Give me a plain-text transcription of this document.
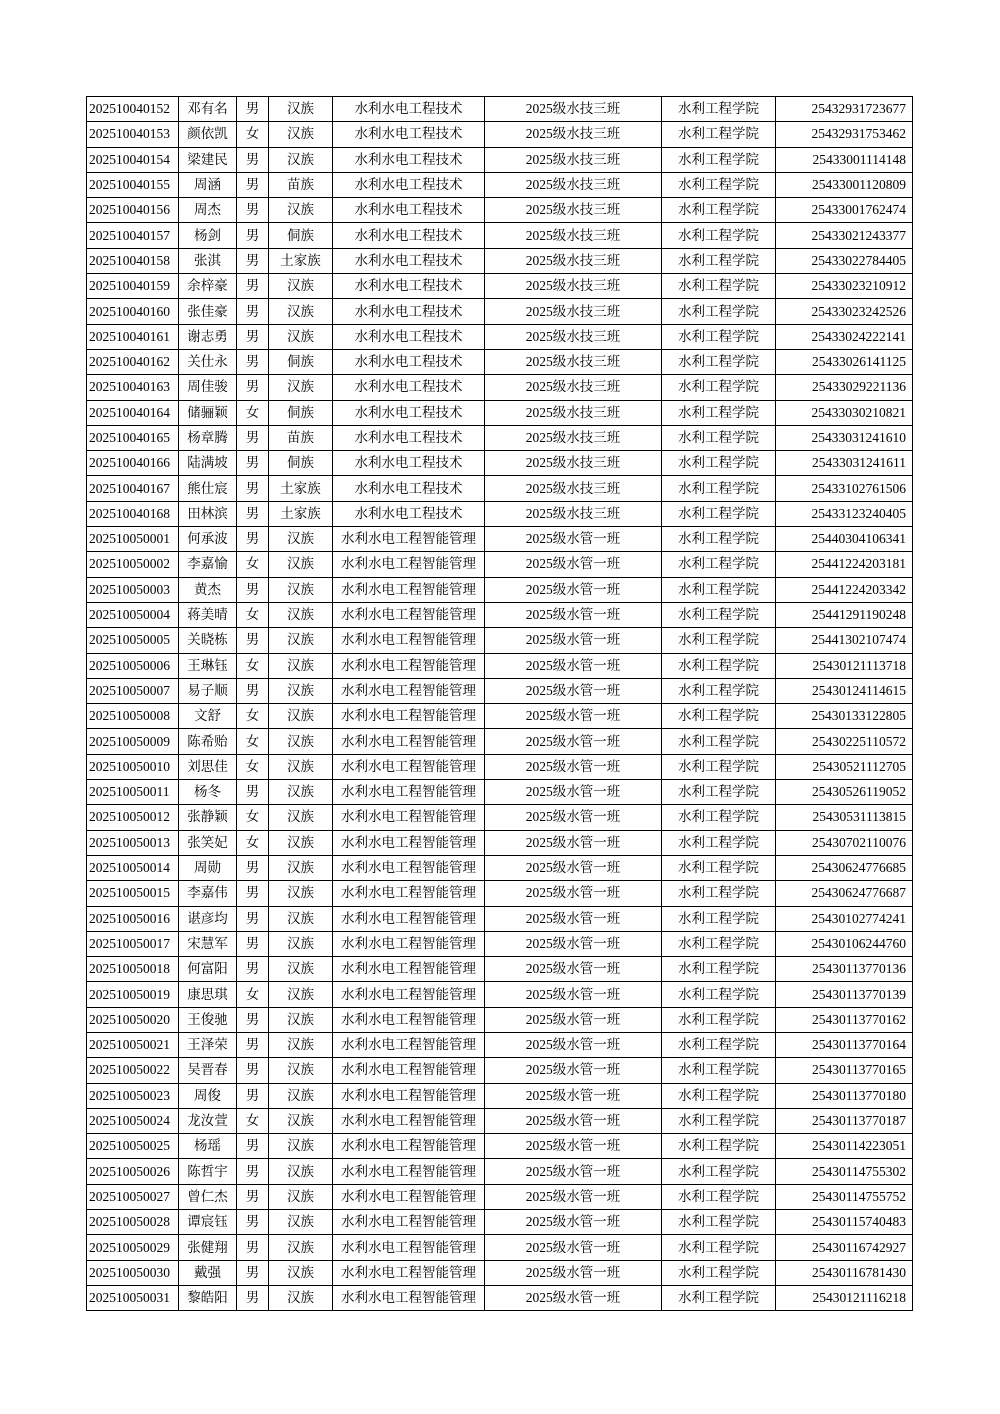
202510040152	邓有名	男	汉族	水利水电工程技术	2025级水技三班	水利工程学院	25432931723677
202510040153	颜依凯	女	汉族	水利水电工程技术	2025级水技三班	水利工程学院	25432931753462
202510040154	梁建民	男	汉族	水利水电工程技术	2025级水技三班	水利工程学院	25433001114148
202510040155	周涵	男	苗族	水利水电工程技术	2025级水技三班	水利工程学院	25433001120809
202510040156	周杰	男	汉族	水利水电工程技术	2025级水技三班	水利工程学院	25433001762474
202510040157	杨剑	男	侗族	水利水电工程技术	2025级水技三班	水利工程学院	25433021243377
202510040158	张淇	男	土家族	水利水电工程技术	2025级水技三班	水利工程学院	25433022784405
202510040159	余梓豪	男	汉族	水利水电工程技术	2025级水技三班	水利工程学院	25433023210912
202510040160	张佳豪	男	汉族	水利水电工程技术	2025级水技三班	水利工程学院	25433023242526
202510040161	谢志勇	男	汉族	水利水电工程技术	2025级水技三班	水利工程学院	25433024222141
202510040162	关仕永	男	侗族	水利水电工程技术	2025级水技三班	水利工程学院	25433026141125
202510040163	周佳骏	男	汉族	水利水电工程技术	2025级水技三班	水利工程学院	25433029221136
202510040164	储骊颖	女	侗族	水利水电工程技术	2025级水技三班	水利工程学院	25433030210821
202510040165	杨章腾	男	苗族	水利水电工程技术	2025级水技三班	水利工程学院	25433031241610
202510040166	陆满坡	男	侗族	水利水电工程技术	2025级水技三班	水利工程学院	25433031241611
202510040167	熊仕宸	男	土家族	水利水电工程技术	2025级水技三班	水利工程学院	25433102761506
202510040168	田林滨	男	土家族	水利水电工程技术	2025级水技三班	水利工程学院	25433123240405
202510050001	何承波	男	汉族	水利水电工程智能管理	2025级水管一班	水利工程学院	25440304106341
202510050002	李嘉愉	女	汉族	水利水电工程智能管理	2025级水管一班	水利工程学院	25441224203181
202510050003	黄杰	男	汉族	水利水电工程智能管理	2025级水管一班	水利工程学院	25441224203342
202510050004	蒋美晴	女	汉族	水利水电工程智能管理	2025级水管一班	水利工程学院	25441291190248
202510050005	关晓栋	男	汉族	水利水电工程智能管理	2025级水管一班	水利工程学院	25441302107474
202510050006	王琳钰	女	汉族	水利水电工程智能管理	2025级水管一班	水利工程学院	25430121113718
202510050007	易子顺	男	汉族	水利水电工程智能管理	2025级水管一班	水利工程学院	25430124114615
202510050008	文舒	女	汉族	水利水电工程智能管理	2025级水管一班	水利工程学院	25430133122805
202510050009	陈希贻	女	汉族	水利水电工程智能管理	2025级水管一班	水利工程学院	25430225110572
202510050010	刘思佳	女	汉族	水利水电工程智能管理	2025级水管一班	水利工程学院	25430521112705
202510050011	杨冬	男	汉族	水利水电工程智能管理	2025级水管一班	水利工程学院	25430526119052
202510050012	张静颖	女	汉族	水利水电工程智能管理	2025级水管一班	水利工程学院	25430531113815
202510050013	张笑妃	女	汉族	水利水电工程智能管理	2025级水管一班	水利工程学院	25430702110076
202510050014	周勋	男	汉族	水利水电工程智能管理	2025级水管一班	水利工程学院	25430624776685
202510050015	李嘉伟	男	汉族	水利水电工程智能管理	2025级水管一班	水利工程学院	25430624776687
202510050016	谌彦均	男	汉族	水利水电工程智能管理	2025级水管一班	水利工程学院	25430102774241
202510050017	宋慧军	男	汉族	水利水电工程智能管理	2025级水管一班	水利工程学院	25430106244760
202510050018	何富阳	男	汉族	水利水电工程智能管理	2025级水管一班	水利工程学院	25430113770136
202510050019	康思琪	女	汉族	水利水电工程智能管理	2025级水管一班	水利工程学院	25430113770139
202510050020	王俊驰	男	汉族	水利水电工程智能管理	2025级水管一班	水利工程学院	25430113770162
202510050021	王泽荣	男	汉族	水利水电工程智能管理	2025级水管一班	水利工程学院	25430113770164
202510050022	吴晋春	男	汉族	水利水电工程智能管理	2025级水管一班	水利工程学院	25430113770165
202510050023	周俊	男	汉族	水利水电工程智能管理	2025级水管一班	水利工程学院	25430113770180
202510050024	龙汝萱	女	汉族	水利水电工程智能管理	2025级水管一班	水利工程学院	25430113770187
202510050025	杨瑶	男	汉族	水利水电工程智能管理	2025级水管一班	水利工程学院	25430114223051
202510050026	陈哲宇	男	汉族	水利水电工程智能管理	2025级水管一班	水利工程学院	25430114755302
202510050027	曾仁杰	男	汉族	水利水电工程智能管理	2025级水管一班	水利工程学院	25430114755752
202510050028	谭宸钰	男	汉族	水利水电工程智能管理	2025级水管一班	水利工程学院	25430115740483
202510050029	张健翔	男	汉族	水利水电工程智能管理	2025级水管一班	水利工程学院	25430116742927
202510050030	戴强	男	汉族	水利水电工程智能管理	2025级水管一班	水利工程学院	25430116781430
202510050031	黎皓阳	男	汉族	水利水电工程智能管理	2025级水管一班	水利工程学院	25430121116218
